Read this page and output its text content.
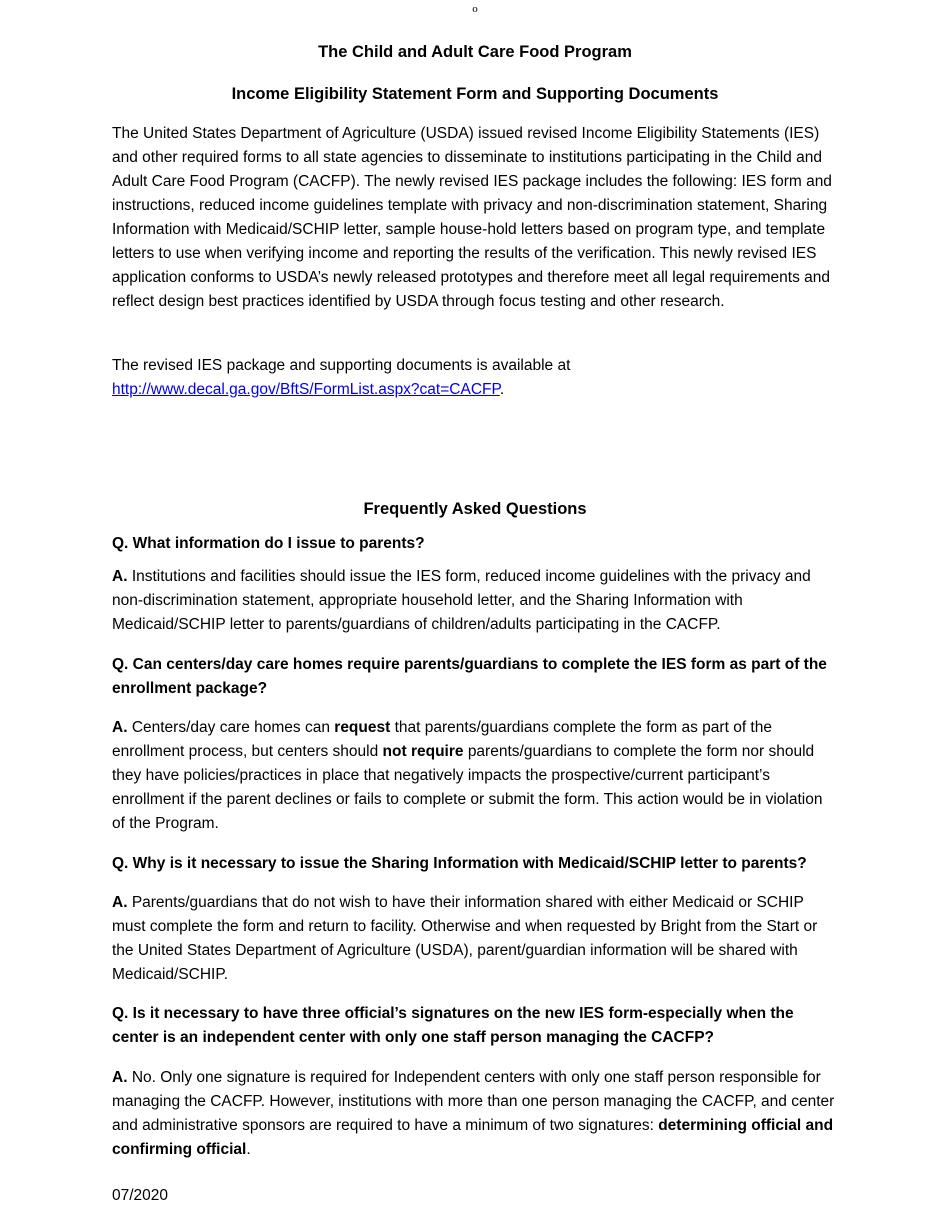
o
The Child and Adult Care Food Program
Income Eligibility Statement Form and Supporting Documents

The United States Department of Agriculture (USDA) issued revised Income Eligibility Statements (IES) and other required forms to all state agencies to disseminate to institutions participating in the Child and Adult Care Food Program (CACFP). The newly revised IES package includes the following: IES form and instructions, reduced income guidelines template with privacy and non-discrimination statement, Sharing Information with Medicaid/SCHIP letter, sample house-hold letters based on program type, and template letters to use when verifying income and reporting the results of the verification. This newly revised IES application conforms to USDA’s newly released prototypes and therefore meet all legal requirements and reflect design best practices identified by USDA through focus testing and other research.

The revised IES package and supporting documents is available at
http://www.decal.ga.gov/BftS/FormList.aspx?cat=CACFP.

Frequently Asked Questions

Q. What information do I issue to parents?

A. Institutions and facilities should issue the IES form, reduced income guidelines with the privacy and non-discrimination statement, appropriate household letter, and the Sharing Information with Medicaid/SCHIP letter to parents/guardians of children/adults participating in the CACFP.

Q. Can centers/day care homes require parents/guardians to complete the IES form as part of the enrollment package?

A. Centers/day care homes can request that parents/guardians complete the form as part of the enrollment process, but centers should not require parents/guardians to complete the form nor should they have policies/practices in place that negatively impacts the prospective/current participant’s enrollment if the parent declines or fails to complete or submit the form. This action would be in violation of the Program.

Q. Why is it necessary to issue the Sharing Information with Medicaid/SCHIP letter to parents?

A. Parents/guardians that do not wish to have their information shared with either Medicaid or SCHIP must complete the form and return to facility. Otherwise and when requested by Bright from the Start or the United States Department of Agriculture (USDA), parent/guardian information will be shared with Medicaid/SCHIP.

Q. Is it necessary to have three official’s signatures on the new IES form-especially when the center is an independent center with only one staff person managing the CACFP?

A. No. Only one signature is required for Independent centers with only one staff person responsible for managing the CACFP. However, institutions with more than one person managing the CACFP, and center and administrative sponsors are required to have a minimum of two signatures: determining official and confirming official.

07/2020
